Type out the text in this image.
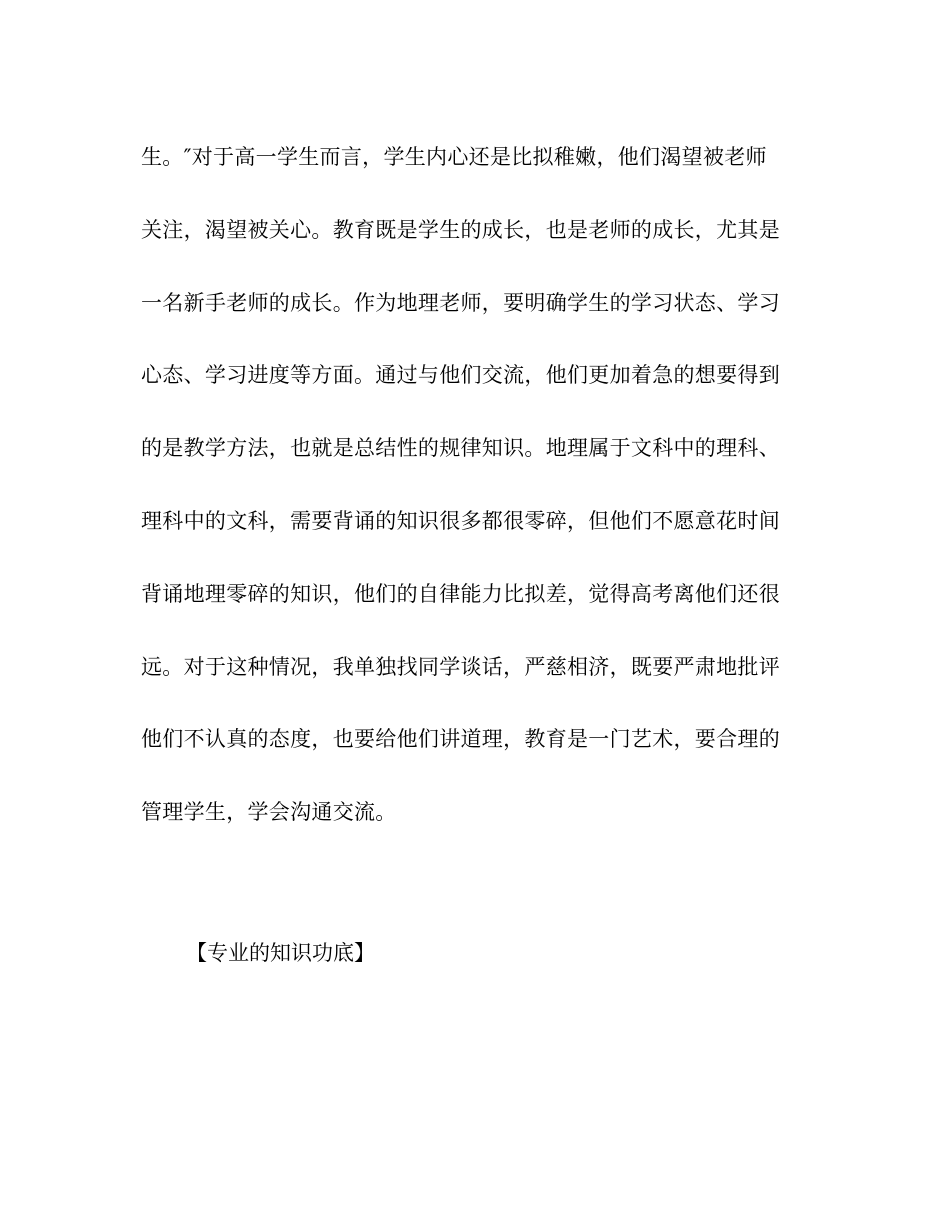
生。″对于高一学生而言，学生内心还是比拟稚嫩，他们渴望被老师
关注，渴望被关心。教育既是学生的成长，也是老师的成长，尤其是
一名新手老师的成长。作为地理老师，要明确学生的学习状态、学习
心态、学习进度等方面。通过与他们交流，他们更加着急的想要得到
的是教学方法，也就是总结性的规律知识。地理属于文科中的理科、
理科中的文科，需要背诵的知识很多都很零碎，但他们不愿意花时间
背诵地理零碎的知识，他们的自律能力比拟差，觉得高考离他们还很
远。对于这种情况，我单独找同学谈话，严慈相济，既要严肃地批评
他们不认真的态度，也要给他们讲道理，教育是一门艺术，要合理的
管理学生，学会沟通交流。
【专业的知识功底】
